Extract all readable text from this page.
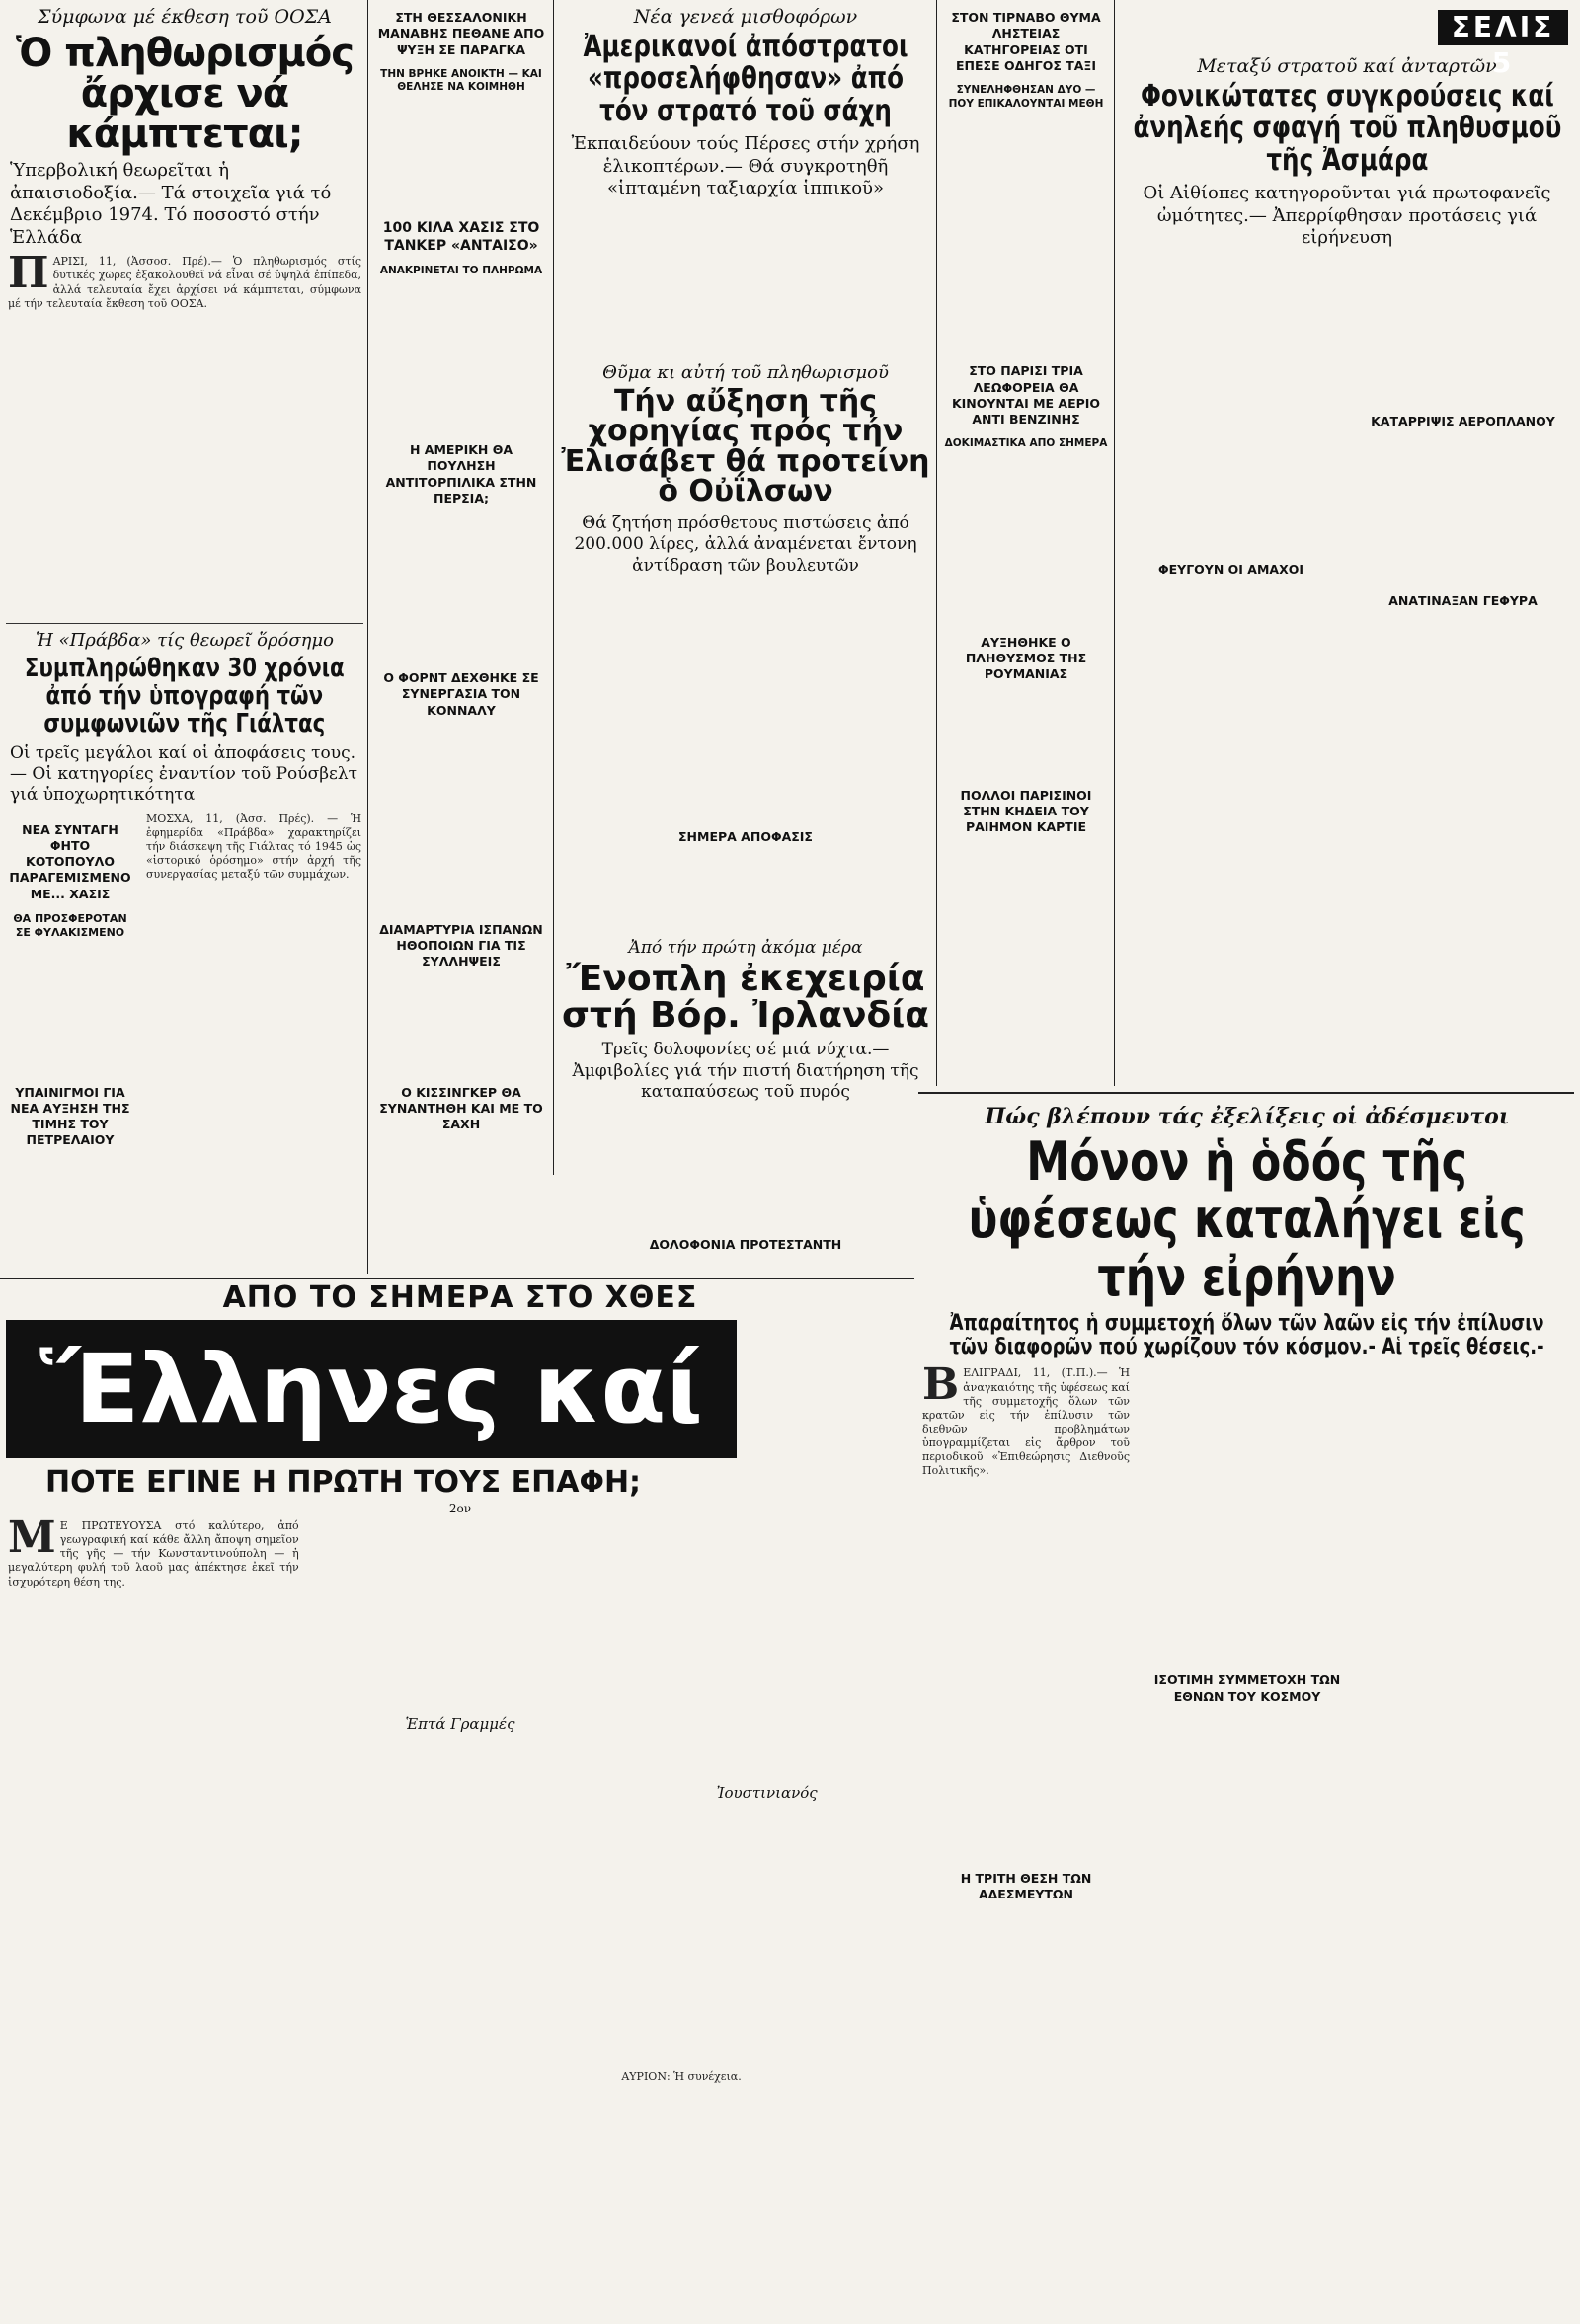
ΣΕΛΙΣ 5
Σύμφωνα μέ έκθεση τοῦ ΟΟΣΑ
Ὁ πληθωρισμός ἄρχισε νά κάμπτεται;
Ὑπερβολική θεωρεῖται ἡ ἀπαισιοδοξία.— Τά στοιχεῖα γιά τό Δεκέμβριο 1974. Τό ποσοστό στήν Ἑλλάδα
ΠΑΡΙΣΙ, 11, (Ἀσσοσ. Πρέ).— Ὁ πληθωρισμός στίς δυτικές χῶρες ἐξακολουθεῖ νά εἶναι σέ ὑψηλά ἐπίπεδα, ἀλλά τελευταία ἔχει ἀρχίσει νά κάμπτεται, σύμφωνα μέ τήν τελευταία ἔκθεση τοῦ ΟΟΣΑ.
Ἡ «Πράβδα» τίς θεωρεῖ ὅρόσημο
Συμπληρώθηκαν 30 χρόνια ἀπό τήν ὑπογραφή τῶν συμφωνιῶν τῆς Γιάλτας
Οἱ τρεῖς μεγάλοι καί οἱ ἀποφάσεις τους.— Οἱ κατηγορίες ἐναντίον τοῦ Ρούσβελτ γιά ὑποχωρητικότητα
ΝΕΑ ΣΥΝΤΑΓΗ ΦΗΤΟ ΚΟΤΟΠΟΥΛΟ ΠΑΡΑΓΕΜΙΣΜΕΝΟ ΜΕ... ΧΑΣΙΣ
ΘΑ ΠΡΟΣΦΕΡΟΤΑΝ ΣΕ ΦΥΛΑΚΙΣΜΕΝΟ
ΥΠΑΙΝΙΓΜΟΙ ΓΙΑ ΝΕΑ ΑΥΞΗΣΗ ΤΗΣ ΤΙΜΗΣ ΤΟΥ ΠΕΤΡΕΛΑΙΟΥ
ΜΟΣΧΑ, 11, (Ἀσσ. Πρές). — Ἡ ἐφημερίδα «Πράβδα» χαρακτηρίζει τήν διάσκεψη τῆς Γιάλτας τό 1945 ὡς «ἱστορικό ὁρόσημο» στήν ἀρχή τῆς συνεργασίας μεταξύ τῶν συμμάχων.
ΣΤΗ ΘΕΣΣΑΛΟΝΙΚΗ ΜΑΝΑΒΗΣ ΠΕΘΑΝΕ ΑΠΟ ΨΥΞΗ ΣΕ ΠΑΡΑΓΚΑ
ΤΗΝ ΒΡΗΚΕ ΑΝΟΙΚΤΗ — ΚΑΙ ΘΕΛΗΣΕ ΝΑ ΚΟΙΜΗΘΗ
100 ΚΙΛΑ ΧΑΣΙΣ ΣΤΟ ΤΑΝΚΕΡ «ΑΝΤΑΙΣΟ»
ΑΝΑΚΡΙΝΕΤΑΙ ΤΟ ΠΛΗΡΩΜΑ
Η ΑΜΕΡΙΚΗ ΘΑ ΠΟΥΛΗΣΗ ΑΝΤΙΤΟΡΠΙΛΙΚΑ ΣΤΗΝ ΠΕΡΣΙΑ;
Ο ΦΟΡΝΤ ΔΕΧΘΗΚΕ ΣΕ ΣΥΝΕΡΓΑΣΙΑ ΤΟΝ ΚΟΝΝΑΛΥ
ΔΙΑΜΑΡΤΥΡΙΑ ΙΣΠΑΝΩΝ ΗΘΟΠΟΙΩΝ ΓΙΑ ΤΙΣ ΣΥΛΛΗΨΕΙΣ
Ο ΚΙΣΣΙΝΓΚΕΡ ΘΑ ΣΥΝΑΝΤΗΘΗ ΚΑΙ ΜΕ ΤΟ ΣΑΧΗ
Νέα γενεά μισθοφόρων
Ἀμερικανοί ἀπόστρατοι «προσελήφθησαν» ἀπό τόν στρατό τοῦ σάχη
Ἐκπαιδεύουν τούς Πέρσες στήν χρήση ἑλικοπτέρων.— Θά συγκροτηθῆ «ἱπταμένη ταξιαρχία ἱππικοῦ»
Θῦμα κι αὐτή τοῦ πληθωρισμοῦ
Τήν αὔξηση τῆς χορηγίας πρός τήν Ἐλισάβετ θά προτείνη ὁ Οὐΐλσων
Θά ζητήση πρόσθετους πιστώσεις ἀπό 200.000 λίρες, ἀλλά ἀναμένεται ἔντονη ἀντίδραση τῶν βουλευτῶν
ΣΗΜΕΡΑ ΑΠΟΦΑΣΙΣ
Ἀπό τήν πρώτη ἀκόμα μέρα
Ἔνοπλη ἐκεχειρία στή Βόρ. Ἰρλανδία
Τρεῖς δολοφονίες σέ μιά νύχτα.— Ἀμφιβολίες γιά τήν πιστή διατήρηση τῆς καταπαύσεως τοῦ πυρός
ΔΟΛΟΦΟΝΙΑ ΠΡΟΤΕΣΤΑΝΤΗ
ΣΤΟΝ ΤΙΡΝΑΒΟ ΘΥΜΑ ΛΗΣΤΕΙΑΣ ΚΑΤΗΓΟΡΕΙΑΣ ΟΤΙ ΕΠΕΣΕ ΟΔΗΓΟΣ ΤΑΞΙ
ΣΥΝΕΛΗΦΘΗΣΑΝ ΔΥΟ — ΠΟΥ ΕΠΙΚΑΛΟΥΝΤΑΙ ΜΕΘΗ
ΣΤΟ ΠΑΡΙΣΙ ΤΡΙΑ ΛΕΩΦΟΡΕΙΑ ΘΑ ΚΙΝΟΥΝΤΑΙ ΜΕ ΑΕΡΙΟ ΑΝΤΙ ΒΕΝΖΙΝΗΣ
ΔΟΚΙΜΑΣΤΙΚΑ ΑΠΟ ΣΗΜΕΡΑ
ΑΥΞΗΘΗΚΕ Ο ΠΛΗΘΥΣΜΟΣ ΤΗΣ ΡΟΥΜΑΝΙΑΣ
ΠΟΛΛΟΙ ΠΑΡΙΣΙΝΟΙ ΣΤΗΝ ΚΗΔΕΙΑ ΤΟΥ ΡΑΙΗΜΟΝ ΚΑΡΤΙΕ
Μεταξύ στρατοῦ καί ἀνταρτῶν
Φονικώτατες συγκρούσεις καί ἀνηλεής σφαγή τοῦ πληθυσμοῦ τῆς Ἀσμάρα
Οἱ Αἰθίοπες κατηγοροῦνται γιά πρωτοφανεῖς ὠμότητες.— Ἀπερρίφθησαν προτάσεις γιά εἰρήνευση
ΦΕΥΓΟΥΝ ΟΙ ΑΜΑΧΟΙ
ΚΑΤΑΡΡΙΨΙΣ ΑΕΡΟΠΛΑΝΟΥ
ΑΝΑΤΙΝΑΞΑΝ ΓΕΦΥΡΑ
Πώς βλέπουν τάς ἐξελίξεις οἱ ἀδέσμευτοι
Μόνον ἡ ὁδός τῆς ὑφέσεως καταλήγει εἰς τήν εἰρήνην
Ἀπαραίτητος ἡ συμμετοχή ὅλων τῶν λαῶν εἰς τήν ἐπίλυσιν τῶν διαφορῶν πού χωρίζουν τόν κόσμον.- Αἱ τρεῖς θέσεις.-
ΒΕΛΙΓΡΑΔΙ, 11, (Τ.Π.).— Ἡ ἀναγκαιότης τῆς ὑφέσεως καί τῆς συμμετοχῆς ὅλων τῶν κρατῶν εἰς τήν ἐπίλυσιν τῶν διεθνῶν προβλημάτων ὑπογραμμίζεται εἰς ἄρθρον τοῦ περιοδικοῦ «Ἐπιθεώρησις Διεθνοῦς Πολιτικῆς».
Η ΤΡΙΤΗ ΘΕΣΗ ΤΩΝ ΑΔΕΣΜΕΥΤΩΝ
ΙΣΟΤΙΜΗ ΣΥΜΜΕΤΟΧΗ ΤΩΝ ΕΘΝΩΝ ΤΟΥ ΚΟΣΜΟΥ
ΑΠΟ ΤΟ ΣΗΜΕΡΑ ΣΤΟ ΧΘΕΣ
Ἕλληνες καί
ΠΟΤΕ ΕΓΙΝΕ Η ΠΡΩΤΗ ΤΟΥΣ ΕΠΑΦΗ;
2ον
ΜΕ ΠΡΩΤΕΥΟΥΣΑ στό καλύτερο, ἀπό γεωγραφική καί κάθε ἄλλη ἄποψη σημεῖον τῆς γῆς — τήν Κωνσταντινούπολη — ἡ μεγαλύτερη φυλή τοῦ λαοῦ μας ἀπέκτησε ἐκεῖ τήν ἰσχυρότερη θέση της.
Ἑπτά Γραμμές
Ἰουστινιανός
ΑΥΡΙΟΝ: Ἡ συνέχεια.
